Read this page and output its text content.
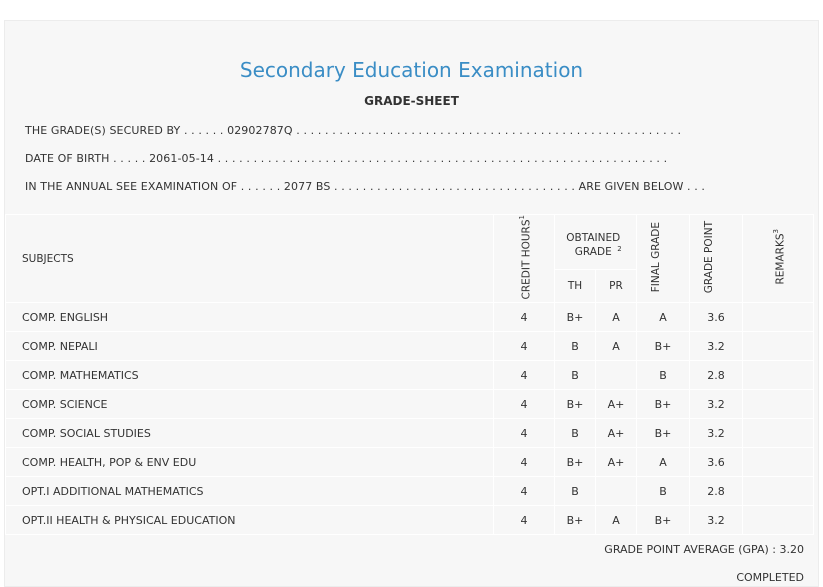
Secondary Education Examination
GRADE-SHEET
THE GRADE(S) SECURED BY . . . . . . 02902787Q . . . . . . . . . . . . . . . . . . . . . . . . . . . . . . . . . . . . . . . . . . . . . . . . . . . . . .
DATE OF BIRTH . . . . . 2061-05-14 . . . . . . . . . . . . . . . . . . . . . . . . . . . . . . . . . . . . . . . . . . . . . . . . . . . . . . . . . . . . . . .
IN THE ANNUAL SEE EXAMINATION OF . . . . . . 2077 BS . . . . . . . . . . . . . . . . . . . . . . . . . . . . . . . . . . ARE GIVEN BELOW . . .
SUBJECTS	CREDIT HOURS$^1$	OBTAINED GRADE $^2$		FINAL GRADE	GRADE POINT	REMARKS$^3$
		TH	PR			
COMP. ENGLISH	4	B+	A	A	3.6	
COMP. NEPALI	4	B	A	B+	3.2	
COMP. MATHEMATICS	4	B		B	2.8	
COMP. SCIENCE	4	B+	A+	B+	3.2	
COMP. SOCIAL STUDIES	4	B	A+	B+	3.2	
COMP. HEALTH, POP & ENV EDU	4	B+	A+	A	3.6	
OPT.I ADDITIONAL MATHEMATICS	4	B		B	2.8	
OPT.II HEALTH & PHYSICAL EDUCATION	4	B+	A	B+	3.2	
GRADE POINT AVERAGE (GPA) : 3.20
COMPLETED
